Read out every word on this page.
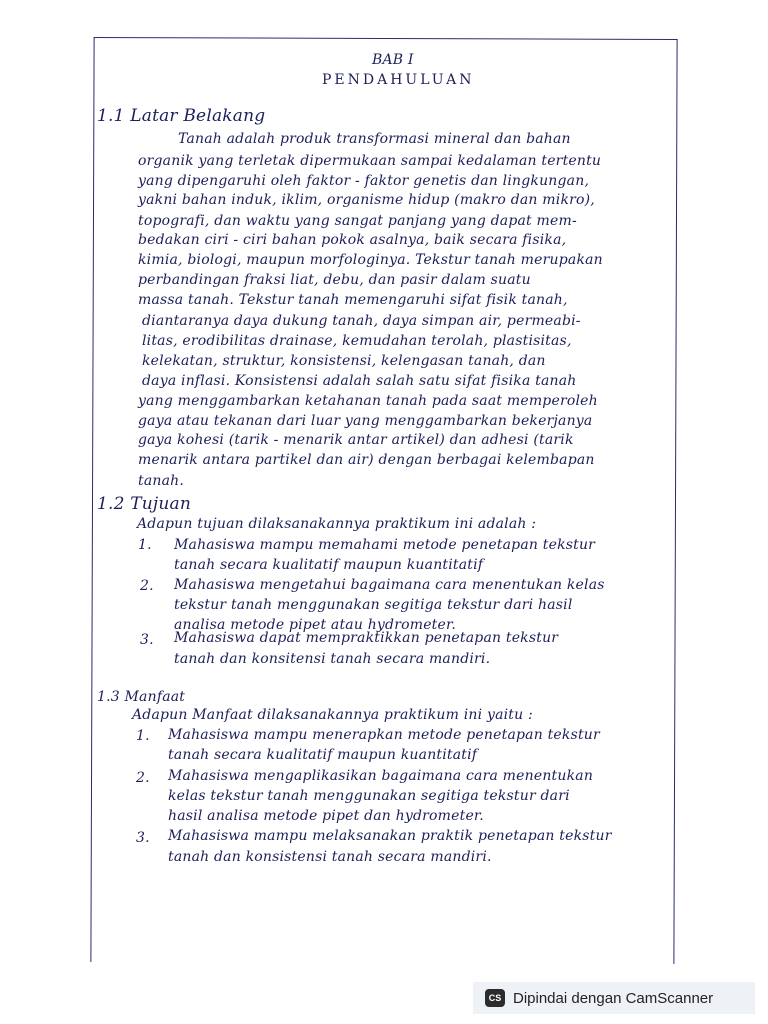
BAB I
PENDAHULUAN
1.1 Latar Belakang
Tanah adalah produk transformasi mineral dan bahan
organik yang terletak dipermukaan sampai kedalaman tertentu
yang dipengaruhi oleh faktor - faktor genetis dan lingkungan,
yakni bahan induk, iklim, organisme hidup (makro dan mikro),
topografi, dan waktu yang sangat panjang yang dapat mem-
bedakan ciri - ciri bahan pokok asalnya, baik secara fisika,
kimia, biologi, maupun morfologinya. Tekstur tanah merupakan
perbandingan fraksi liat, debu, dan pasir dalam suatu
massa tanah. Tekstur tanah memengaruhi sifat fisik tanah,
diantaranya daya dukung tanah, daya simpan air, permeabi-
litas, erodibilitas drainase, kemudahan terolah, plastisitas,
kelekatan, struktur, konsistensi, kelengasan tanah, dan
daya inflasi. Konsistensi adalah salah satu sifat fisika tanah
yang menggambarkan ketahanan tanah pada saat memperoleh
gaya atau tekanan dari luar yang menggambarkan bekerjanya
gaya kohesi (tarik - menarik antar artikel) dan adhesi (tarik
menarik antara partikel dan air) dengan berbagai kelembapan
tanah.
1.2 Tujuan
Adapun tujuan dilaksanakannya praktikum ini adalah :
1. Mahasiswa mampu memahami metode penetapan tekstur
tanah secara kualitatif maupun kuantitatif
2. Mahasiswa mengetahui bagaimana cara menentukan kelas
tekstur tanah menggunakan segitiga tekstur dari hasil
analisa metode pipet atau hydrometer.
3. Mahasiswa dapat mempraktikkan penetapan tekstur
tanah dan konsitensi tanah secara mandiri.
1.3 Manfaat
Adapun Manfaat dilaksanakannya praktikum ini yaitu :
1. Mahasiswa mampu menerapkan metode penetapan tekstur
tanah secara kualitatif maupun kuantitatif
2. Mahasiswa mengaplikasikan bagaimana cara menentukan
kelas tekstur tanah menggunakan segitiga tekstur dari
hasil analisa metode pipet dan hydrometer.
3. Mahasiswa mampu melaksanakan praktik penetapan tekstur
tanah dan konsistensi tanah secara mandiri.
CS Dipindai dengan CamScanner
